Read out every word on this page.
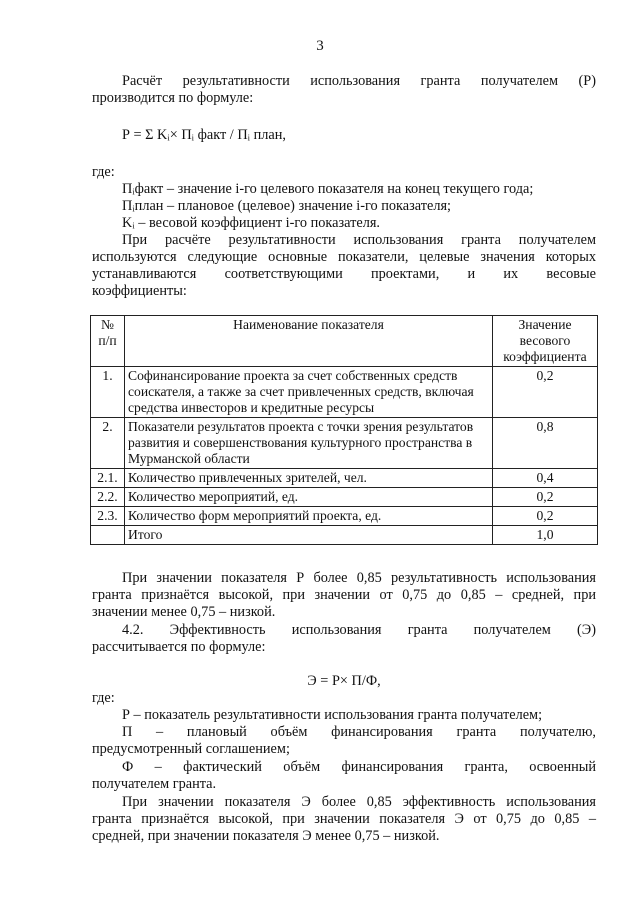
3

Расчёт результативности использования гранта получателем (Р)

производится по формуле:

Р = Σ Kᵢ× Пᵢ факт / Пᵢ план,

где:

Пᵢфакт – значение i-го целевого показателя на конец текущего года;

Пᵢплан – плановое (целевое) значение i-го показателя;

Kᵢ – весовой коэффициент i-го показателя.

При расчёте результативности использования гранта получателем

используются следующие основные показатели, целевые значения которых

устанавливаются соответствующими проектами, и их весовые

коэффициенты:

№ п/п	Наименование показателя	Значение весового коэффициента
1.	Софинансирование проекта за счет собственных средств соискателя, а также за счет привлеченных средств, включая средства инвесторов и кредитные ресурсы	0,2
2.	Показатели результатов проекта с точки зрения результатов развития и совершенствования культурного пространства в Мурманской области	0,8
2.1.	Количество привлеченных зрителей, чел.	0,4
2.2.	Количество мероприятий, ед.	0,2
2.3.	Количество форм мероприятий проекта, ед.	0,2
	Итого	1,0

При значении показателя Р более 0,85 результативность использования

гранта признаётся высокой, при значении от 0,75 до 0,85 – средней, при

значении менее 0,75 – низкой.

4.2. Эффективность использования гранта получателем (Э)

рассчитывается по формуле:

Э = Р× П/Ф,

где:

Р – показатель результативности использования гранта получателем;

П – плановый объём финансирования гранта получателю,

предусмотренный соглашением;

Ф – фактический объём финансирования гранта, освоенный

получателем гранта.

При значении показателя Э более 0,85 эффективность использования

гранта признаётся высокой, при значении показателя Э от 0,75 до 0,85 –

средней, при значении показателя Э менее 0,75 – низкой.
